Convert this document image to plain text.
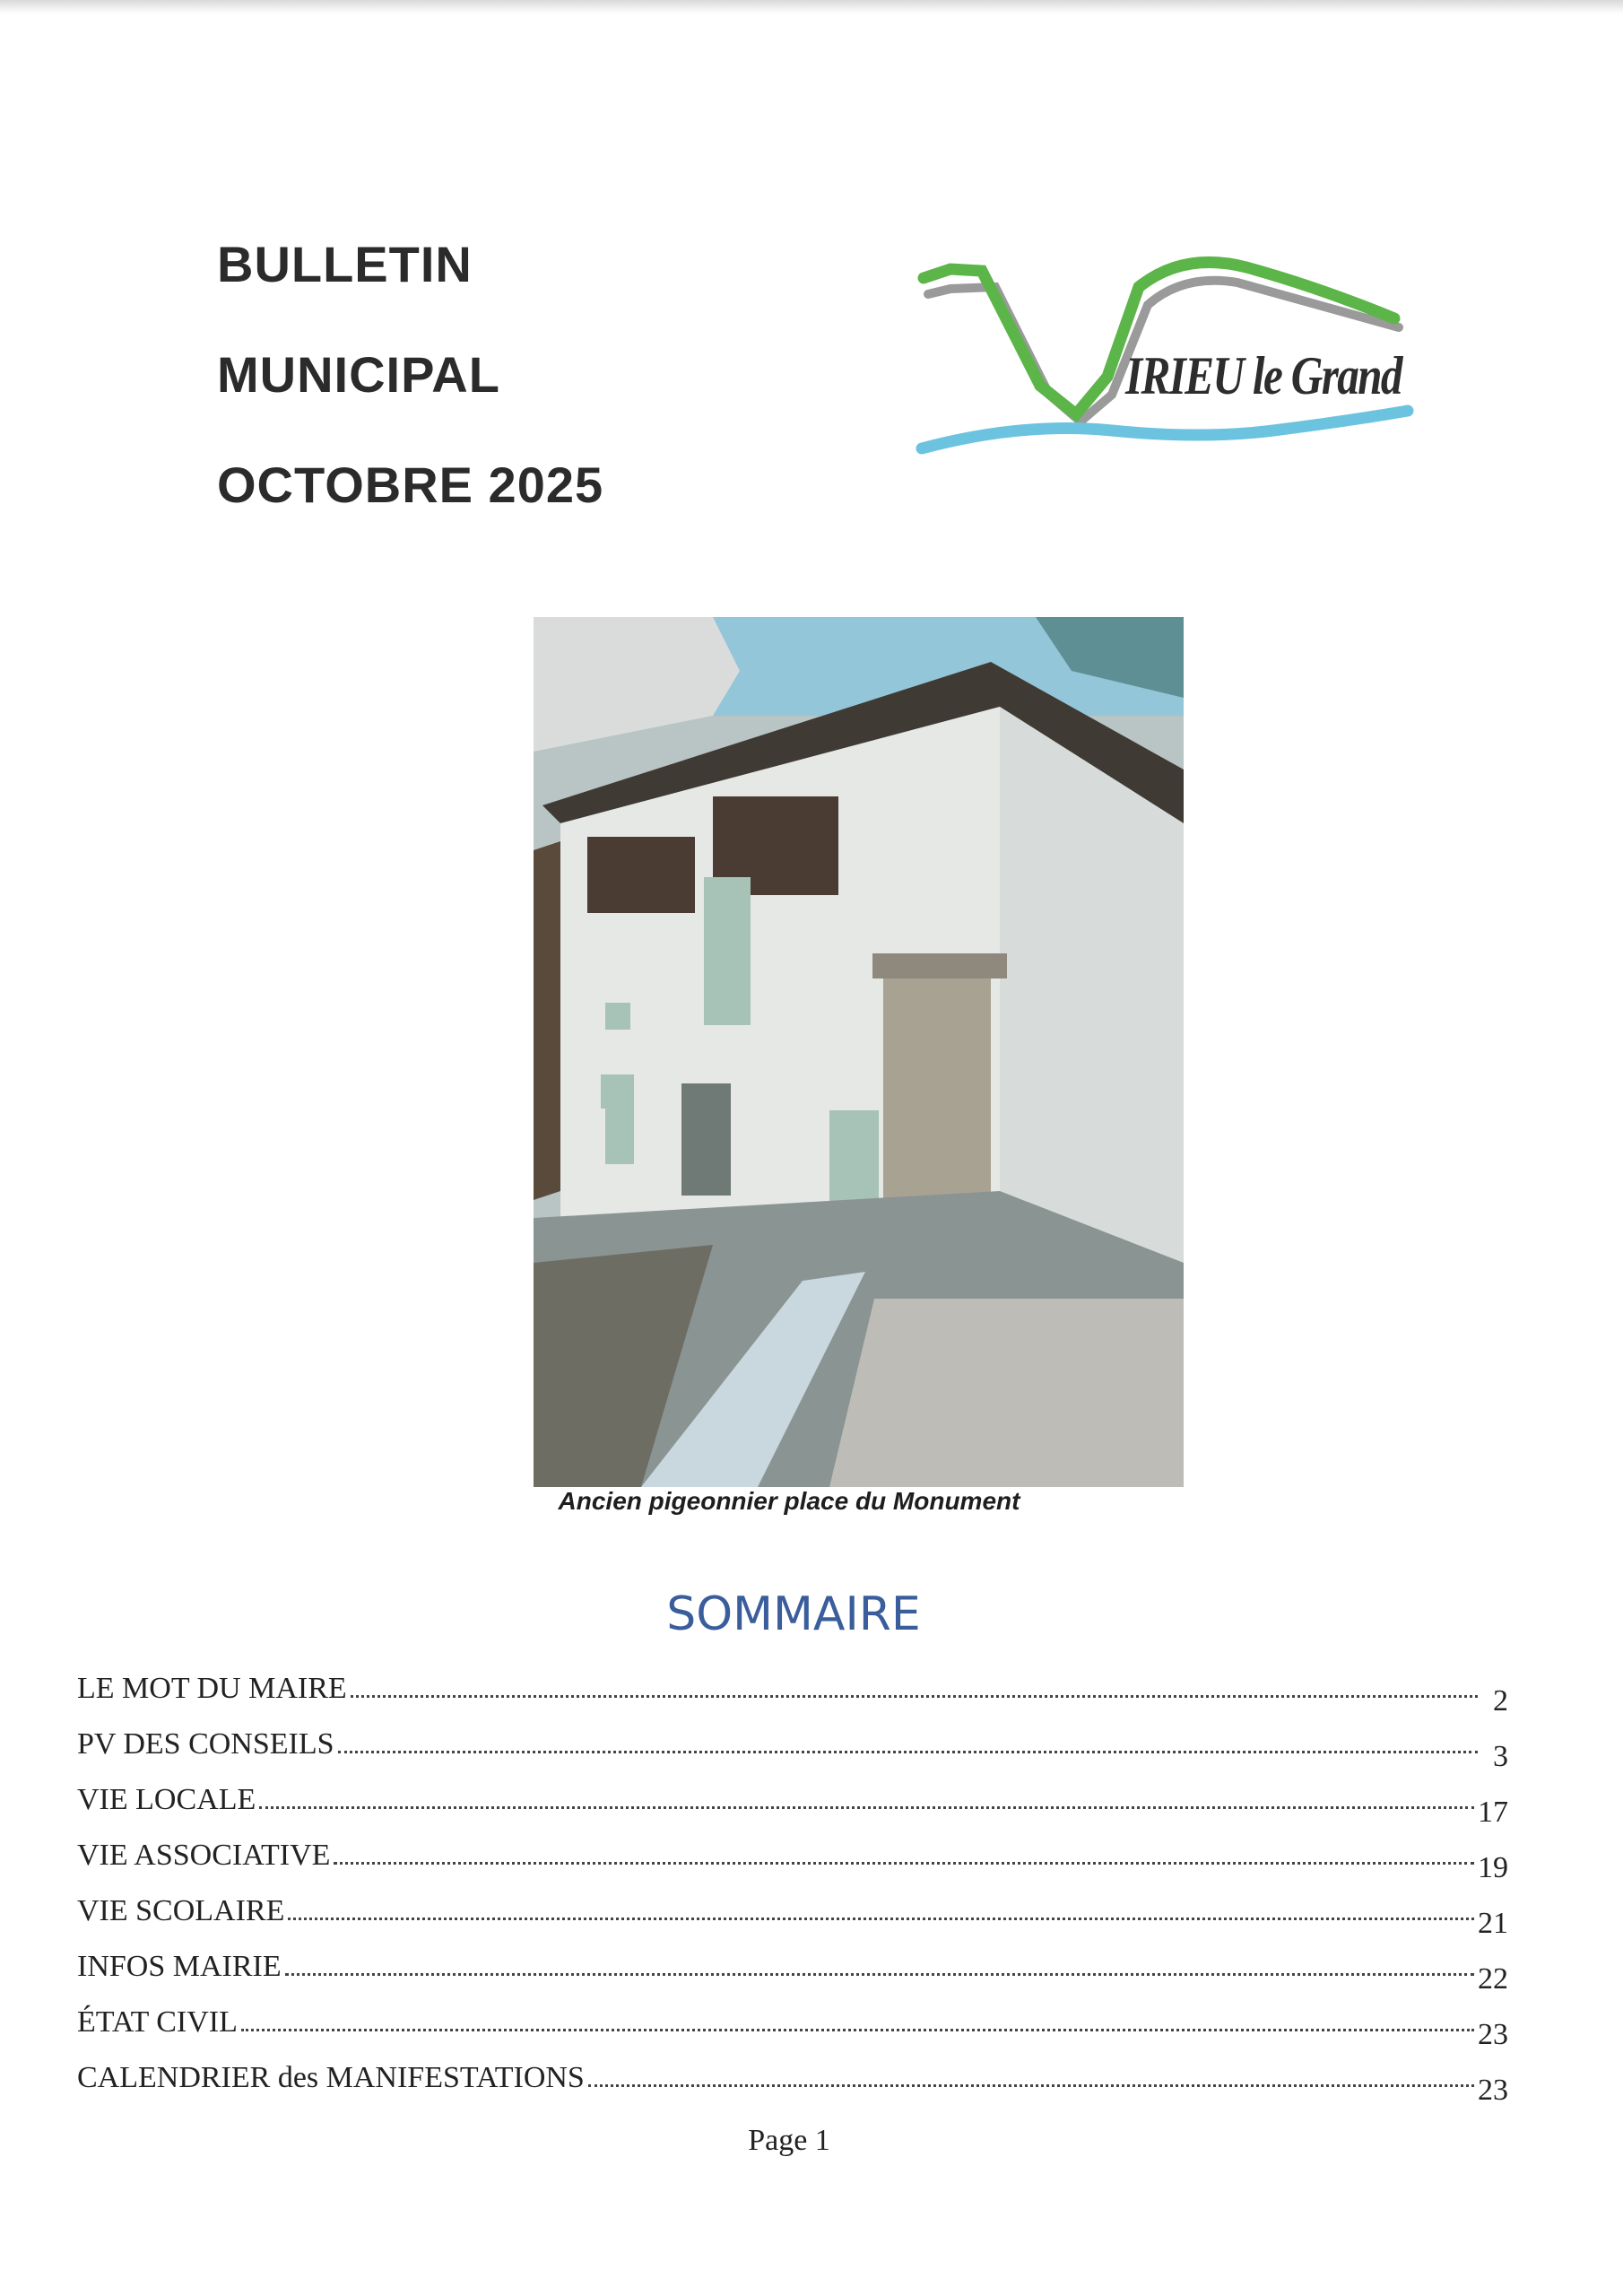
BULLETIN
MUNICIPAL
OCTOBRE 2025
IRIEU le Grand
Ancien pigeonnier place du Monument
SOMMAIRE
LE MOT DU MAIRE	2
PV DES CONSEILS	3
VIE LOCALE	17
VIE ASSOCIATIVE	19
VIE SCOLAIRE	21
INFOS MAIRIE	22
ÉTAT CIVIL	23
CALENDRIER des MANIFESTATIONS	23
Page 1
